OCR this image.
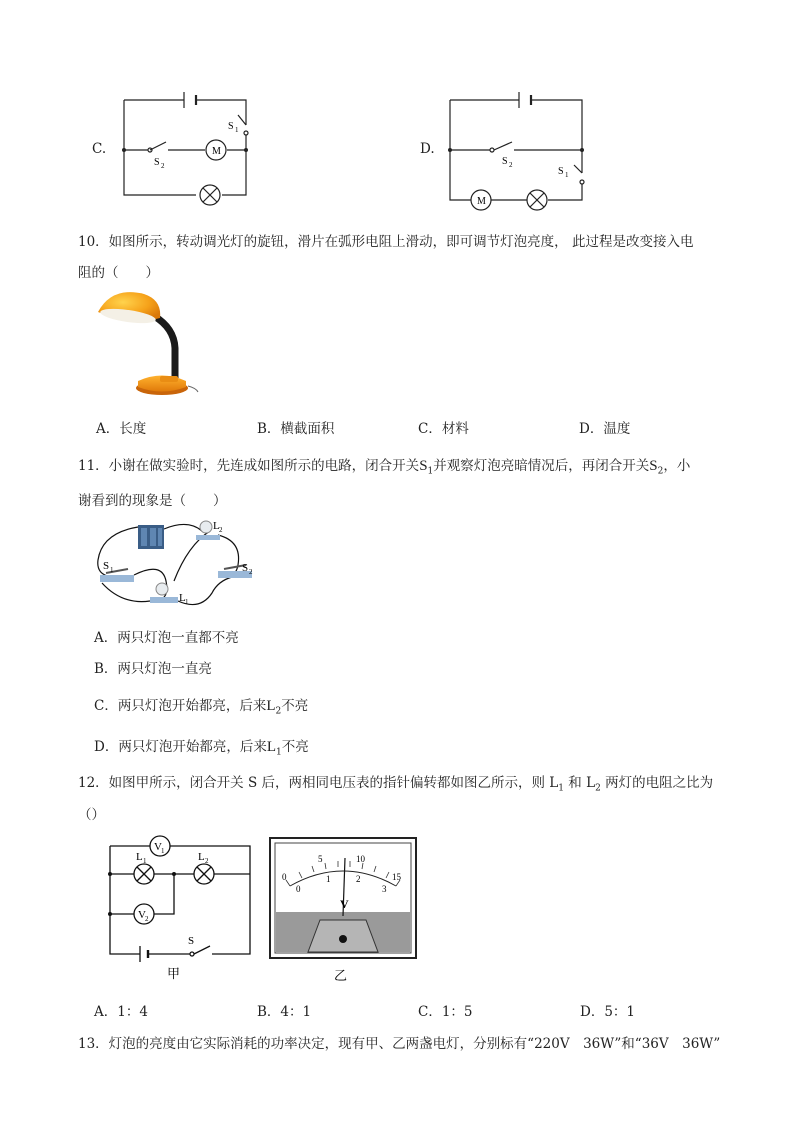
C.	M
S 1
S 2
D.
M
S 2
S 1
10．如图所示，转动调光灯的旋钮，滑片在弧形电阻上滑动，即可调节灯泡亮度， 此过程是改变接入电
阻的（　　）
A．长度	B．横截面积	C．材料	D．温度
11．小谢在做实验时，先连成如图所示的电路，闭合开关$S_1$并观察灯泡亮暗情况后，再闭合开关$S_2$，小
谢看到的现象是（　　）
L 2
S 1	S 2
L 1
A．两只灯泡一直都不亮
B．两只灯泡一直亮
C．两只灯泡开始都亮，后来$L_2$不亮
D．两只灯泡开始都亮，后来$L_1$不亮
12．如图甲所示，闭合开关 S 后，两相同电压表的指针偏转都如图乙所示，则 $L_1$ 和 $L_2$ 两灯的电阻之比为
（）
V 1
V 2
L 1	L 2
S
甲
0
5	10
15
0
1	2
3
V
乙
A．1：4	B．4：1	C．1：5	D．5：1
13．灯泡的亮度由它实际消耗的功率决定，现有甲、乙两盏电灯，分别标有“220V　36W”和“36V　36W”
